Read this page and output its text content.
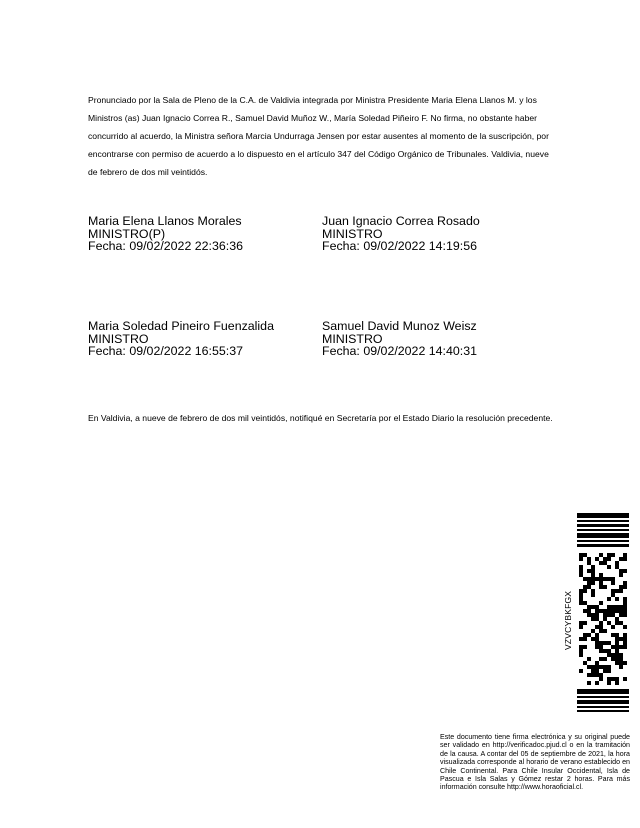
Pronunciado por la Sala de Pleno de la C.A. de Valdivia integrada por Ministra Presidente Maria Elena Llanos M. y los Ministros (as) Juan Ignacio Correa R., Samuel David Muñoz W., María Soledad Piñeiro F. No firma, no obstante haber concurrido al acuerdo, la Ministra señora Marcia Undurraga Jensen por estar ausentes al momento de la suscripción, por encontrarse con permiso de acuerdo a lo dispuesto en el artículo 347 del Código Orgánico de Tribunales. Valdivia, nueve de febrero de dos mil veintidós.

Maria Elena Llanos Morales
MINISTRO(P)
Fecha: 09/02/2022 22:36:36
Juan Ignacio Correa Rosado
MINISTRO
Fecha: 09/02/2022 14:19:56
Maria Soledad Pineiro Fuenzalida
MINISTRO
Fecha: 09/02/2022 16:55:37
Samuel David Munoz Weisz
MINISTRO
Fecha: 09/02/2022 14:40:31

En Valdivia, a nueve de febrero de dos mil veintidós, notifiqué en Secretaría por el Estado Diario la resolución precedente.

VZVCYBKFGX

Este documento tiene firma electrónica y su original puede ser validado en http://verificadoc.pjud.cl o en la tramitación de la causa. A contar del 05 de septiembre de 2021, la hora visualizada corresponde al horario de verano establecido en Chile Continental. Para Chile Insular Occidental, Isla de Pascua e Isla Salas y Gómez restar 2 horas. Para más información consulte http://www.horaoficial.cl.
